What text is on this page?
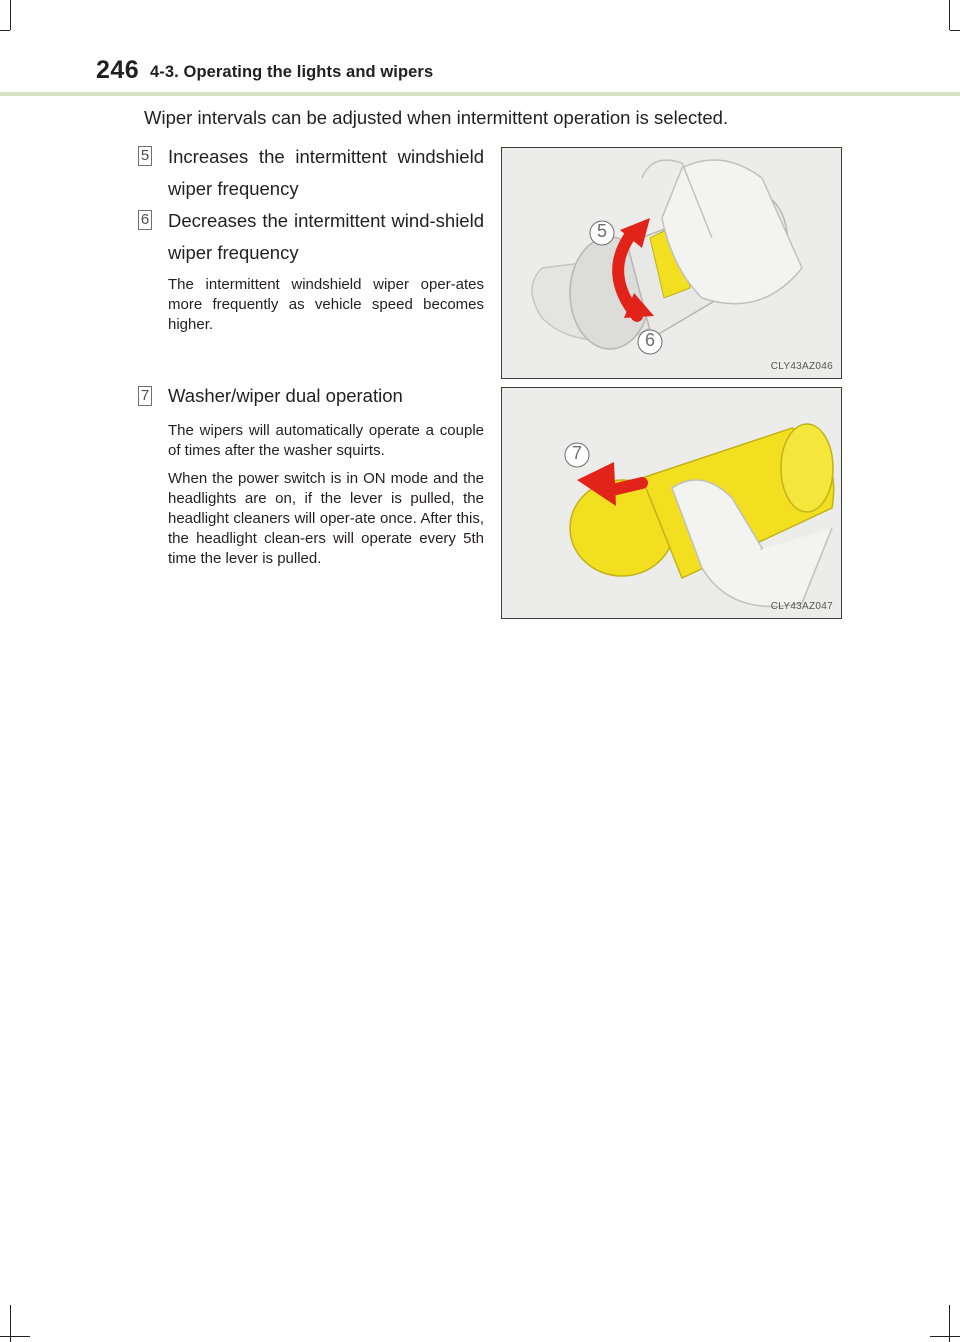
246 4-3. Operating the lights and wipers
Wiper intervals can be adjusted when intermittent operation is selected.
5 Increases the intermittent windshield wiper frequency
6 Decreases the intermittent wind-shield wiper frequency

The intermittent windshield wiper oper-ates more frequently as vehicle speed becomes higher.

7 Washer/wiper dual operation

The wipers will automatically operate a couple of times after the washer squirts.

When the power switch is in ON mode and the headlights are on, if the lever is pulled, the headlight cleaners will oper-ate once. After this, the headlight clean-ers will operate every 5th time the lever is pulled.

5
6
CLY43AZ046
7
CLY43AZ047
